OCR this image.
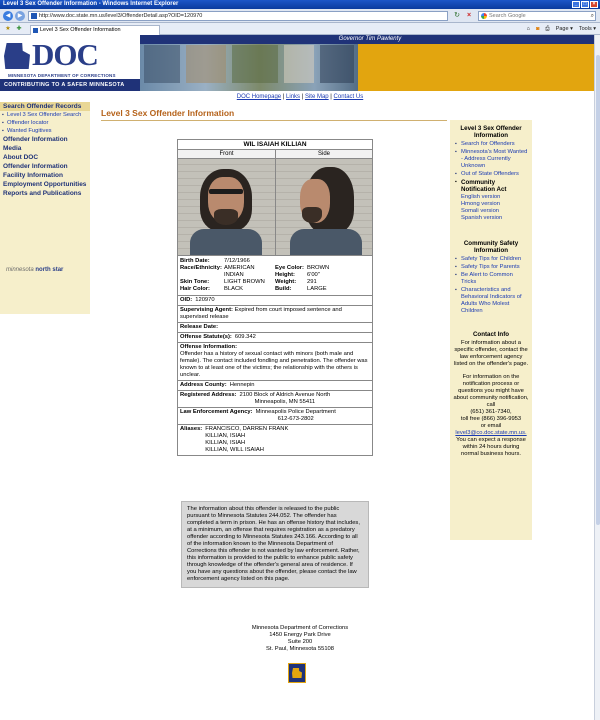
Level 3 Sex Offender Information - Windows Internet Explorer	_	□	×
◀	▶	http://www.doc.state.mn.us/level3/OffenderDetail.asp?OID=120970	↻	×	Search Google	⌕
★ ✚	Level 3 Sex Offender Information	⌂ ◙ ⎙ Page ▾ Tools ▾
DOC
MINNESOTA DEPARTMENT OF CORRECTIONS
CONTRIBUTING TO A SAFER MINNESOTA
Governor Tim Pawlenty
DOC Homepage | Links | Site Map | Contact Us
Search Offender Records
▪ Level 3 Sex Offender Search
▪ Offender locator
▪ Wanted Fugitives
Offender Information
Media
About DOC
Offender Information
Facility Information
Employment Opportunities
Reports and Publications
minnesota north star
Level 3 Sex Offender Information
WIL ISAIAH KILLIAN
Front	Side
Birth Date:	7/12/1966
Race/Ethnicity: AMERICAN INDIAN
Skin Tone:	LIGHT BROWN
Hair Color:	BLACK
Eye Color: BROWN
Height:	6'00"
Weight:	291
Build:	LARGE
OID: 120970
Supervising Agent: Expired from court imposed sentence and supervised release
Release Date:
Offense Statute(s): 609.342
Offense Information:
Offender has a history of sexual contact with minors (both male and female). The contact included fondling and penetration. The offender was known to at least one of the victims; the relationship with the others is unclear.
Address County: Hennepin
Registered Address: 2100 Block of Aldrich Avenue North
Minneapolis, MN 55411
Law Enforcement Agency: Minneapolis Police Department
612-673-2802
Aliases: FRANCISCO, DARREN FRANK
KILLIAN, ISIAH
KILLIAN, ISIAH
KILLIAN, WILL ISAIAH
The information about this offender is released to the public pursuant to Minnesota Statutes 244.052. The offender has completed a term in prison. He has an offense history that includes, at a minimum, an offense that requires registration as a predatory offender according to Minnesota Statutes 243.166. According to all of the information known to the Minnesota Department of Corrections this offender is not wanted by law enforcement. Rather, this information is provided to the public to enhance public safety through knowledge of the offender's general area of residence. If you have any questions about the offender, please contact the law enforcement agency listed on this page.
Level 3 Sex Offender Information
▪ Search for Offenders
▪ Minnesota's Most Wanted - Address Currently Unknown
▪ Out of State Offenders
▪ Community Notification Act
English version
Hmong version
Somali version
Spanish version
Community Safety Information
▪ Safety Tips for Children
▪ Safety Tips for Parents
▪ Be Alert to Common Tricks
▪ Characteristics and Behavioral Indicators of Adults Who Molest Children
Contact Info
For information about a specific offender, contact the law enforcement agency listed on the offender's page.
For information on the notification process or questions you might have about community notification, call
(651) 361-7340,
toll free (866) 396-9953
or email
level3@co.doc.state.mn.us.
You can expect a response within 24 hours during normal business hours.
Minnesota Department of Corrections
1450 Energy Park Drive
Suite 200
St. Paul, Minnesota 55108
